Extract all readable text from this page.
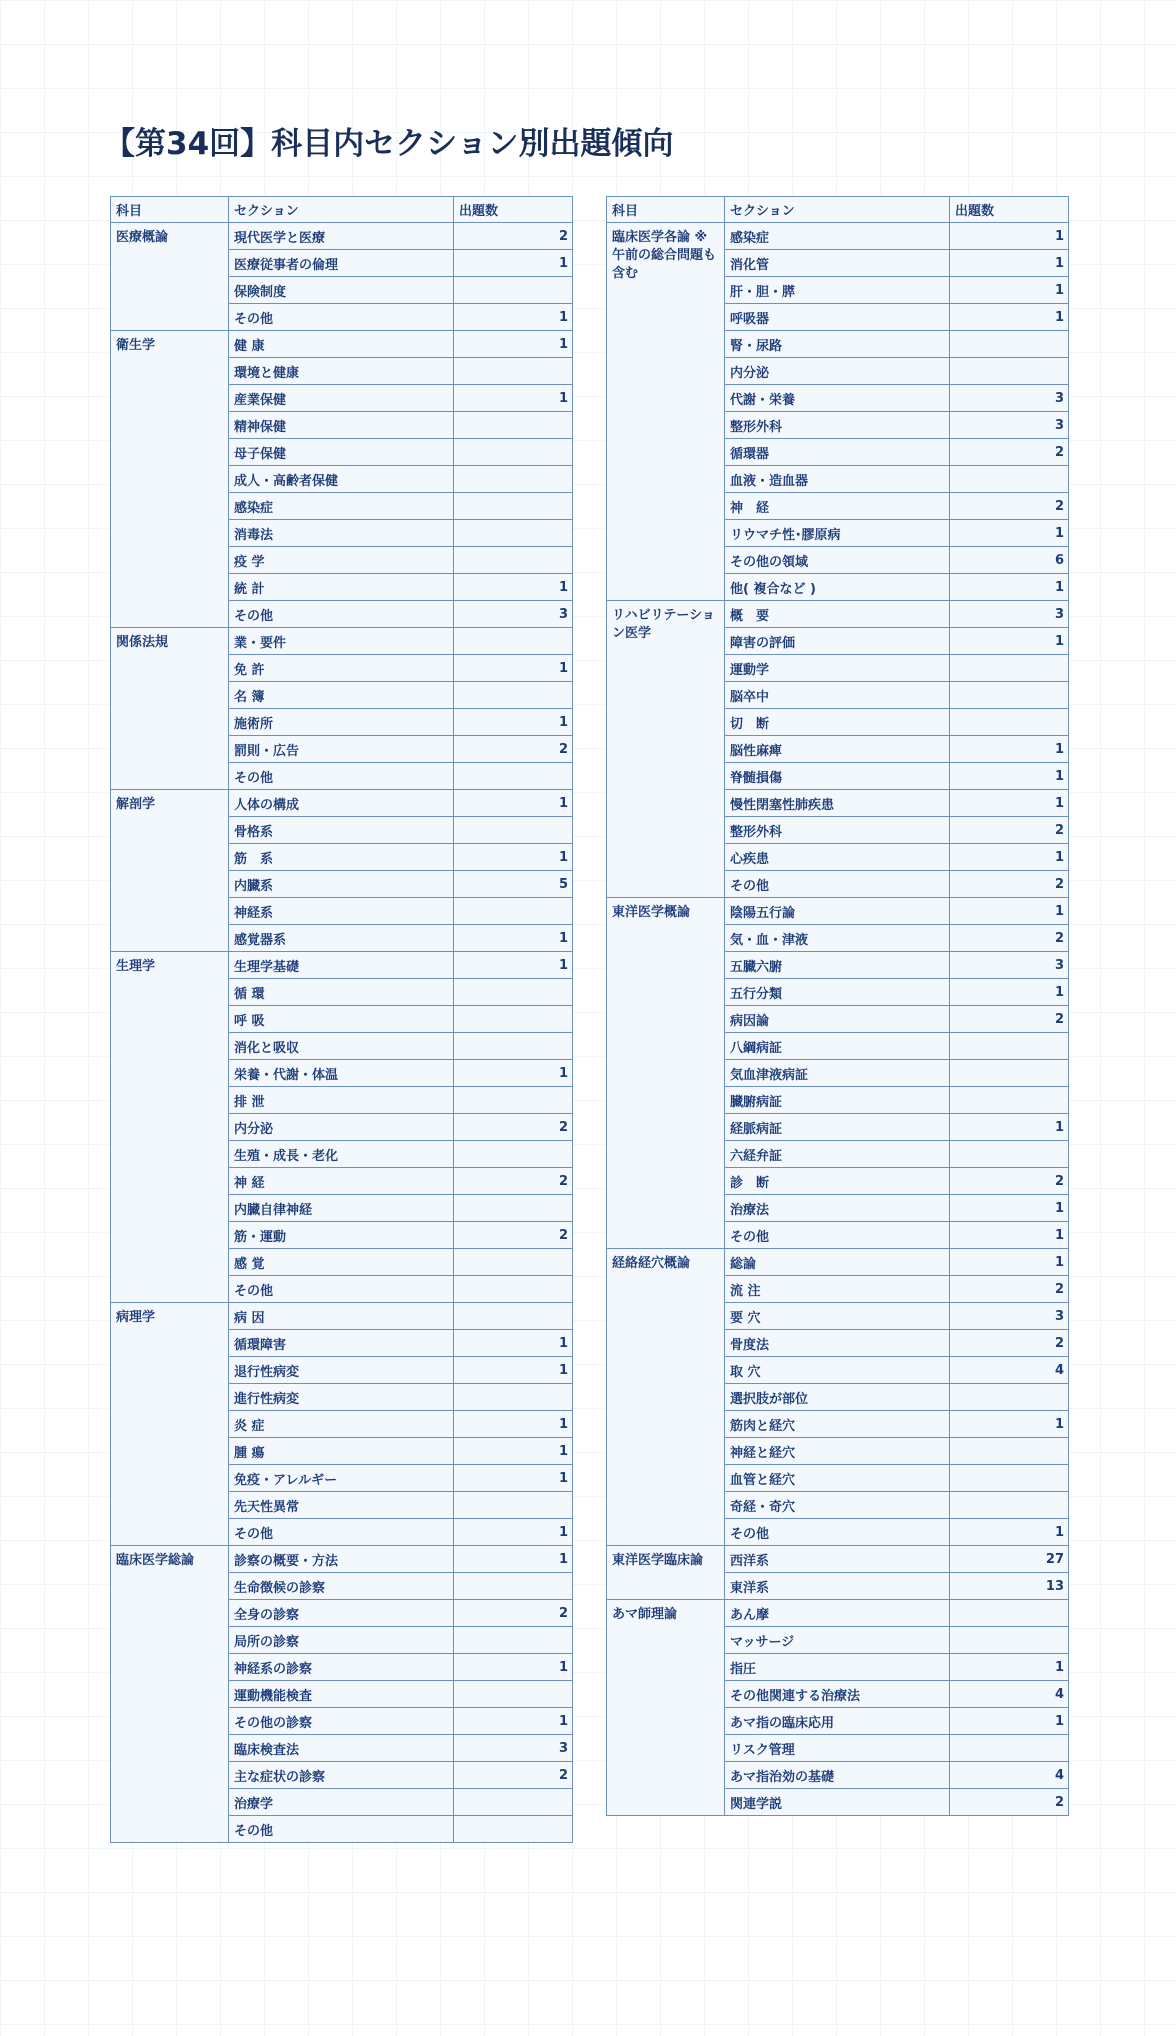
【第34回】科目内セクション別出題傾向
科目	セクション	出題数
医療概論	現代医学と医療	2
	医療従事者の倫理	1
	保険制度	
	その他	1
衛生学	健 康	1
	環境と健康	
	産業保健	1
	精神保健	
	母子保健	
	成人・高齢者保健	
	感染症	
	消毒法	
	疫 学	
	統 計	1
	その他	3
関係法規	業・要件	
	免 許	1
	名 簿	
	施術所	1
	罰則・広告	2
	その他	
解剖学	人体の構成	1
	骨格系	
	筋　系	1
	内臓系	5
	神経系	
	感覚器系	1
生理学	生理学基礎	1
	循 環	
	呼 吸	
	消化と吸収	
	栄養・代謝・体温	1
	排 泄	
	内分泌	2
	生殖・成長・老化	
	神 経	2
	内臓自律神経	
	筋・運動	2
	感 覚	
	その他	
病理学	病 因	
	循環障害	1
	退行性病変	1
	進行性病変	
	炎 症	1
	腫 瘍	1
	免疫・アレルギー	1
	先天性異常	
	その他	1
臨床医学総論	診察の概要・方法	1
	生命徴候の診察	
	全身の診察	2
	局所の診察	
	神経系の診察	1
	運動機能検査	
	その他の診察	1
	臨床検査法	3
	主な症状の診察	2
	治療学	
	その他	
科目	セクション	出題数
臨床医学各論 ※午前の総合問題も含む	感染症	1
	消化管	1
	肝・胆・膵	1
	呼吸器	1
	腎・尿路	
	内分泌	
	代謝・栄養	3
	整形外科	3
	循環器	2
	血液・造血器	
	神　経	2
	リウマチ性･膠原病	1
	その他の領域	6
	他( 複合など )	1
リハビリテーション医学	概　要	3
	障害の評価	1
	運動学	
	脳卒中	
	切　断	
	脳性麻痺	1
	脊髄損傷	1
	慢性閉塞性肺疾患	1
	整形外科	2
	心疾患	1
	その他	2
東洋医学概論	陰陽五行論	1
	気・血・津液	2
	五臓六腑	3
	五行分類	1
	病因論	2
	八綱病証	
	気血津液病証	
	臓腑病証	
	経脈病証	1
	六経弁証	
	診　断	2
	治療法	1
	その他	1
経絡経穴概論	総論	1
	流 注	2
	要 穴	3
	骨度法	2
	取 穴	4
	選択肢が部位	
	筋肉と経穴	1
	神経と経穴	
	血管と経穴	
	奇経・奇穴	
	その他	1
東洋医学臨床論	西洋系	27
	東洋系	13
あマ師理論	あん摩	
	マッサージ	
	指圧	1
	その他関連する治療法	4
	あマ指の臨床応用	1
	リスク管理	
	あマ指治効の基礎	4
	関連学説	2
